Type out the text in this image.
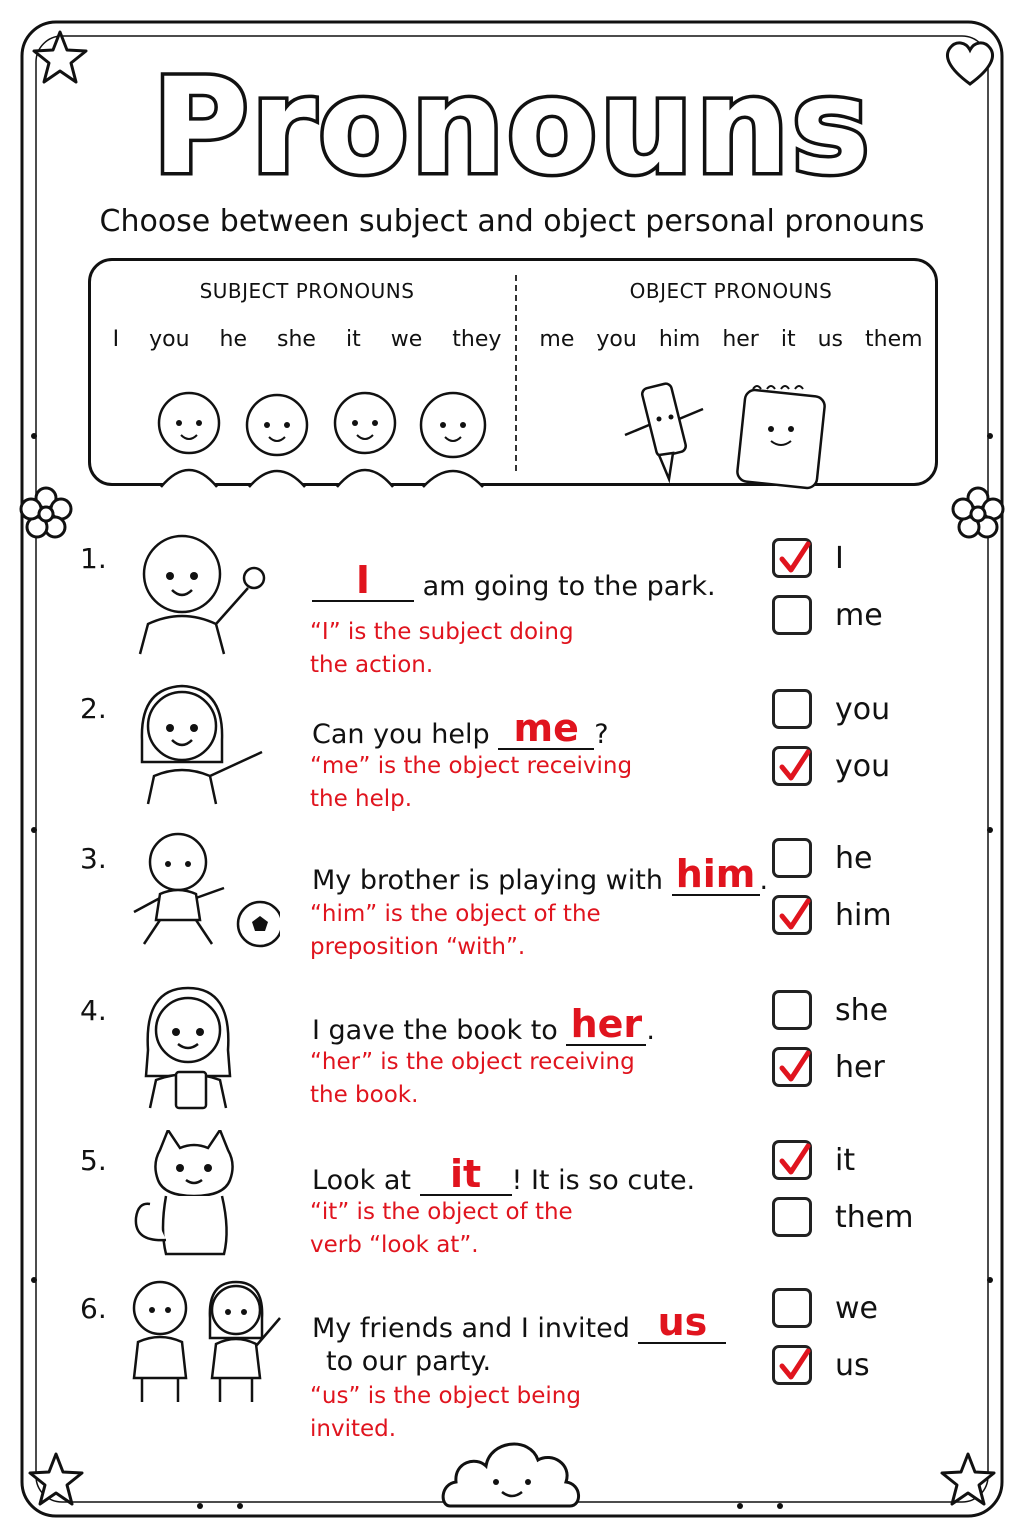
Pronouns
Choose between subject and object personal pronouns
SUBJECT PRONOUNS
I you he she it we they
OBJECT PRONOUNS
me you him her it us them
1.	I am going to the park.
“I” is the subject doing
the action.
I
me
2.
Can you help me ?
“me” is the object receiving
the help.
you
you
3.
My brother is playing with him .
“him” is the object of the
preposition “with”.
he
him
4.
I gave the book to her .
“her” is the object receiving
the book.
she
her
5.
Look at it ! It is so cute.
“it” is the object of the
verb “look at”.
it
them
6.
My friends and I invited us
to our party.
“us” is the object being
invited.
we
us
